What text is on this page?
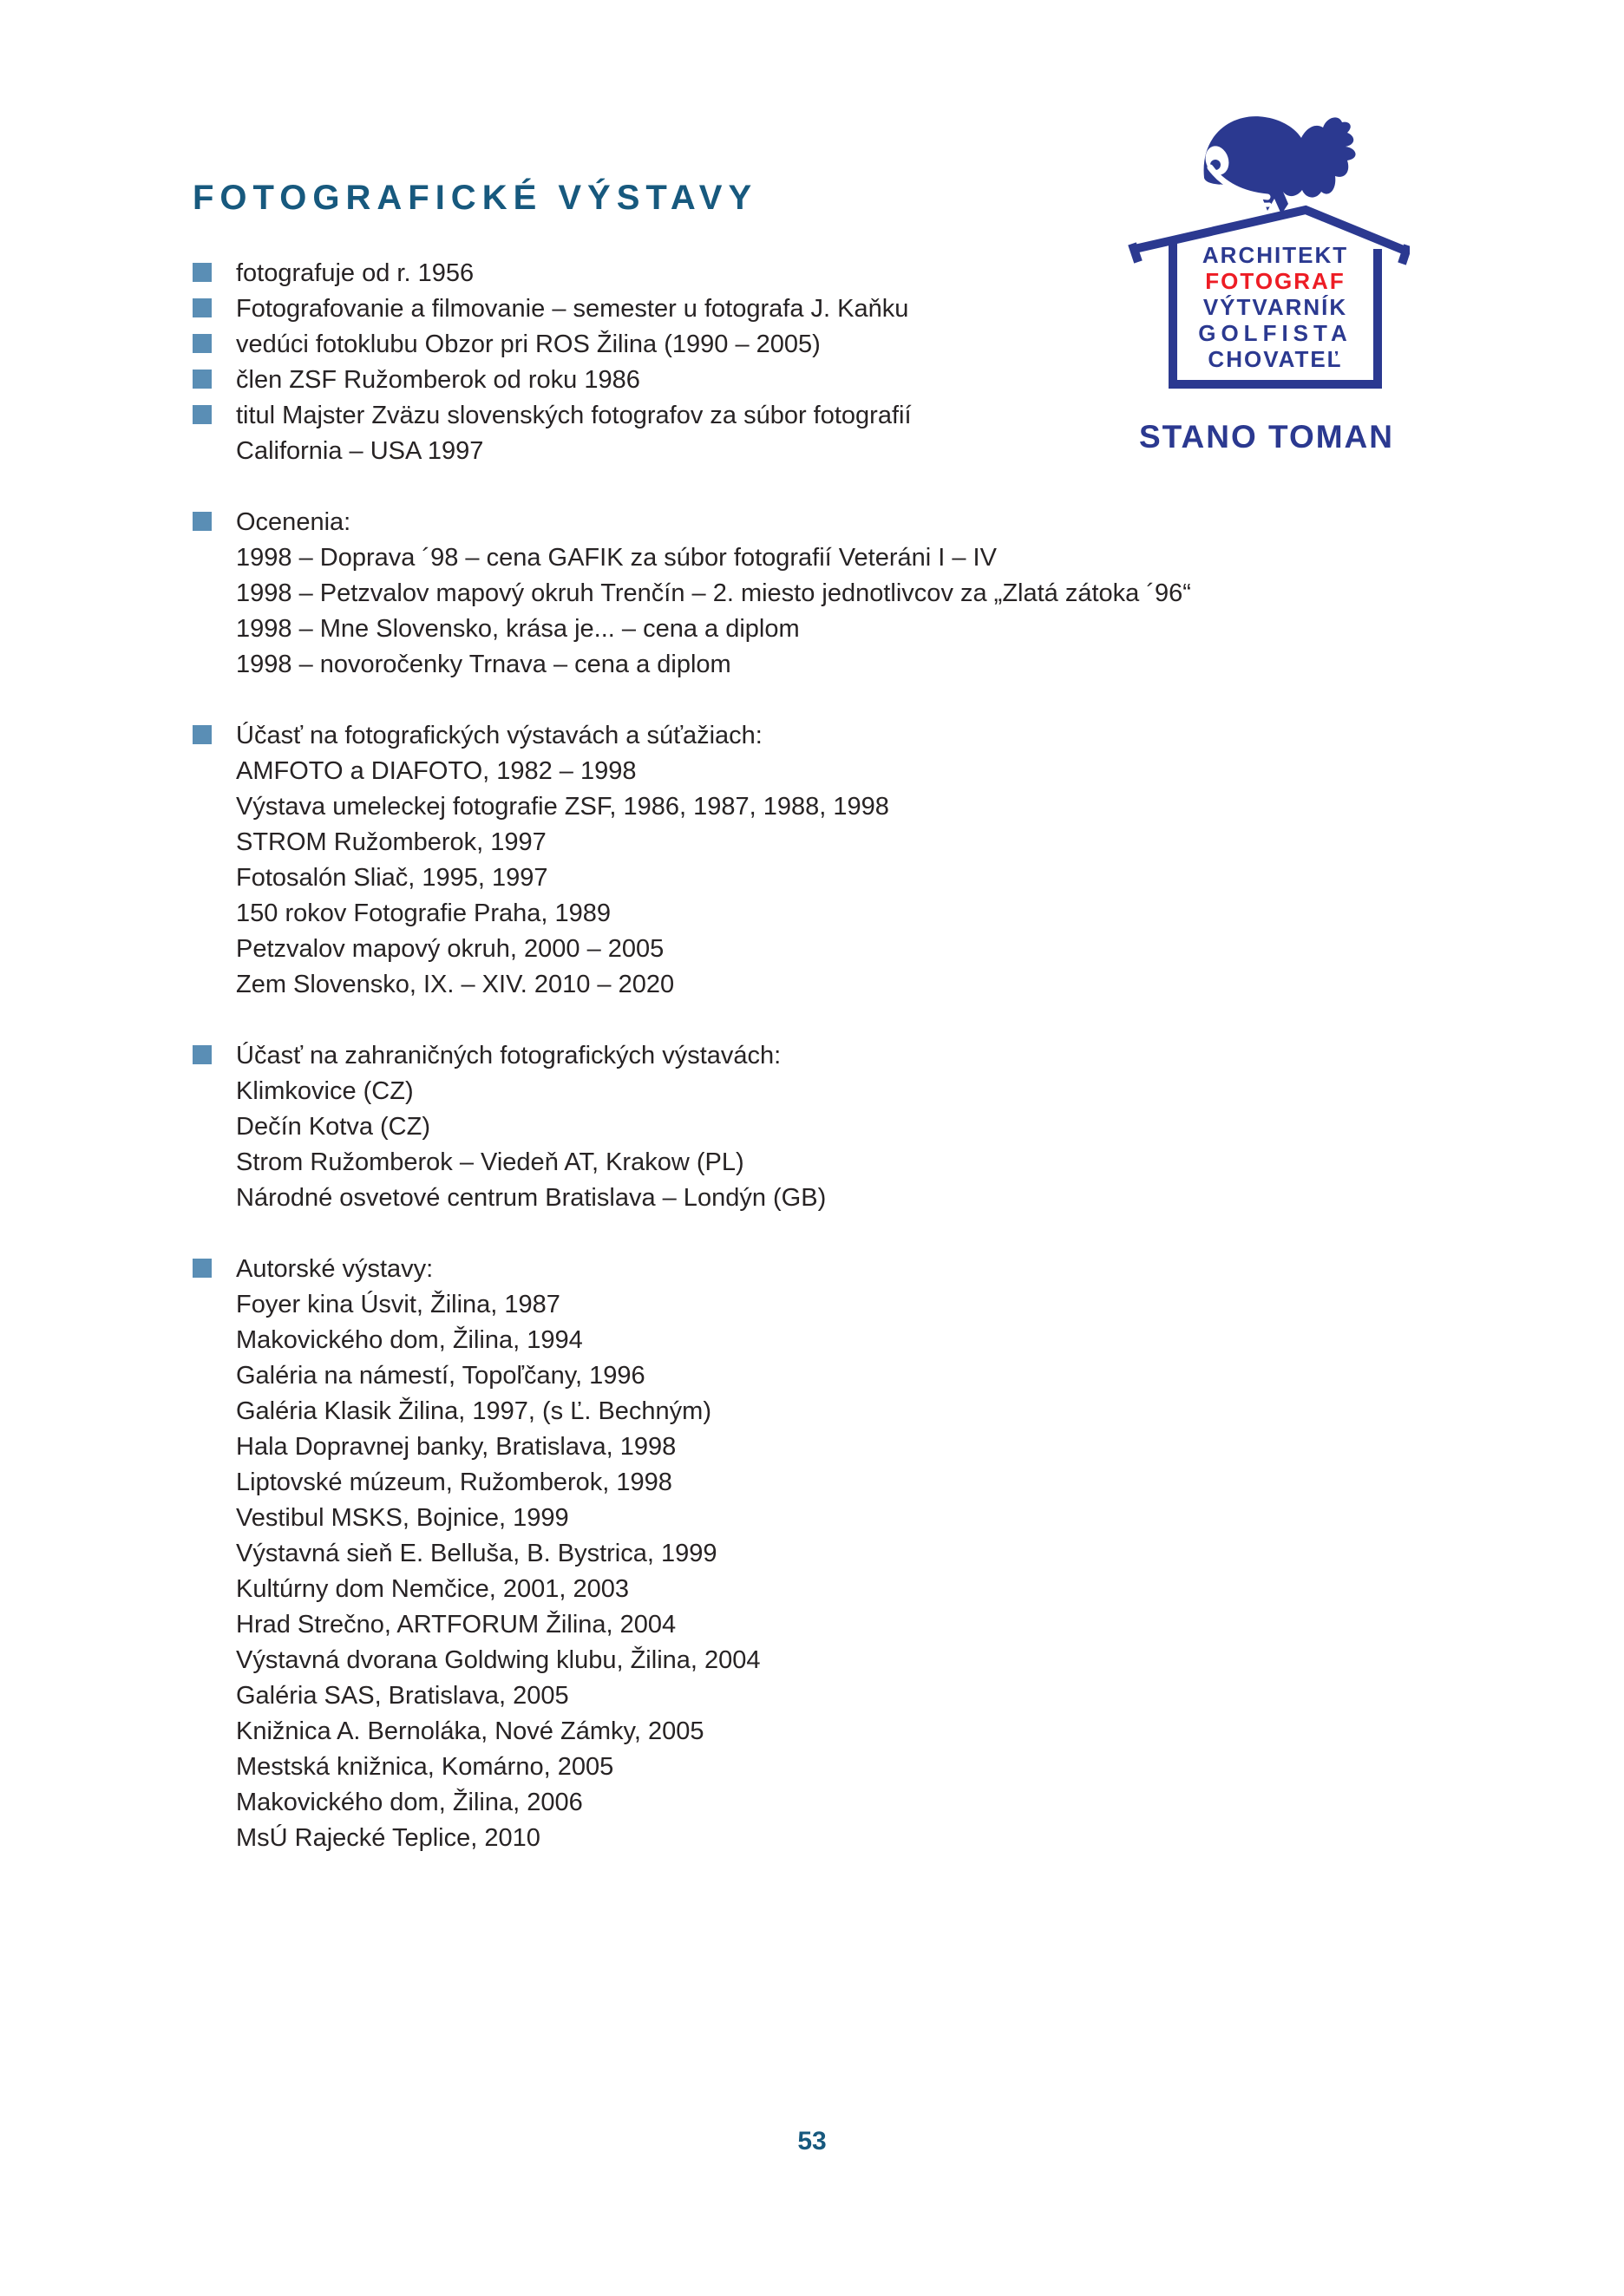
FOTOGRAFICKÉ VÝSTAVY
fotografuje od r. 1956
Fotografovanie a filmovanie – semester u fotografa J. Kaňku
vedúci fotoklubu Obzor pri ROS Žilina (1990 – 2005)
člen ZSF Ružomberok od roku 1986
titul Majster Zväzu slovenských fotografov za súbor fotografií
California – USA 1997
Ocenenia:
1998 – Doprava ´98 – cena GAFIK za súbor fotografií Veteráni I – IV
1998 – Petzvalov mapový okruh Trenčín – 2. miesto jednotlivcov za „Zlatá zátoka ´96“
1998 – Mne Slovensko, krása je... – cena a diplom
1998 – novoročenky Trnava – cena a diplom
Účasť na fotografických výstavách a súťažiach:
AMFOTO a DIAFOTO, 1982 – 1998
Výstava umeleckej fotografie ZSF, 1986, 1987, 1988, 1998
STROM Ružomberok, 1997
Fotosalón Sliač, 1995, 1997
150 rokov Fotografie Praha, 1989
Petzvalov mapový okruh, 2000 – 2005
Zem Slovensko, IX. – XIV. 2010 – 2020
Účasť na zahraničných fotografických výstavách:
Klimkovice (CZ)
Dečín Kotva (CZ)
Strom Ružomberok – Viedeň AT, Krakow (PL)
Národné osvetové centrum Bratislava – Londýn (GB)
Autorské výstavy:
Foyer kina Úsvit, Žilina, 1987
Makovického dom, Žilina, 1994
Galéria na námestí, Topoľčany, 1996
Galéria Klasik Žilina, 1997, (s Ľ. Bechným)
Hala Dopravnej banky, Bratislava, 1998
Liptovské múzeum, Ružomberok, 1998
Vestibul MSKS, Bojnice, 1999
Výstavná sieň E. Belluša, B. Bystrica, 1999
Kultúrny dom Nemčice, 2001, 2003
Hrad Strečno, ARTFORUM Žilina, 2004
Výstavná dvorana Goldwing klubu, Žilina, 2004
Galéria SAS, Bratislava, 2005
Knižnica A. Bernoláka, Nové Zámky, 2005
Mestská knižnica, Komárno, 2005
Makovického dom, Žilina, 2006
MsÚ Rajecké Teplice, 2010
ARCHITEKT
FOTOGRAF
VÝTVARNÍK
GOLFISTA
CHOVATEĽ
STANO TOMAN
53
